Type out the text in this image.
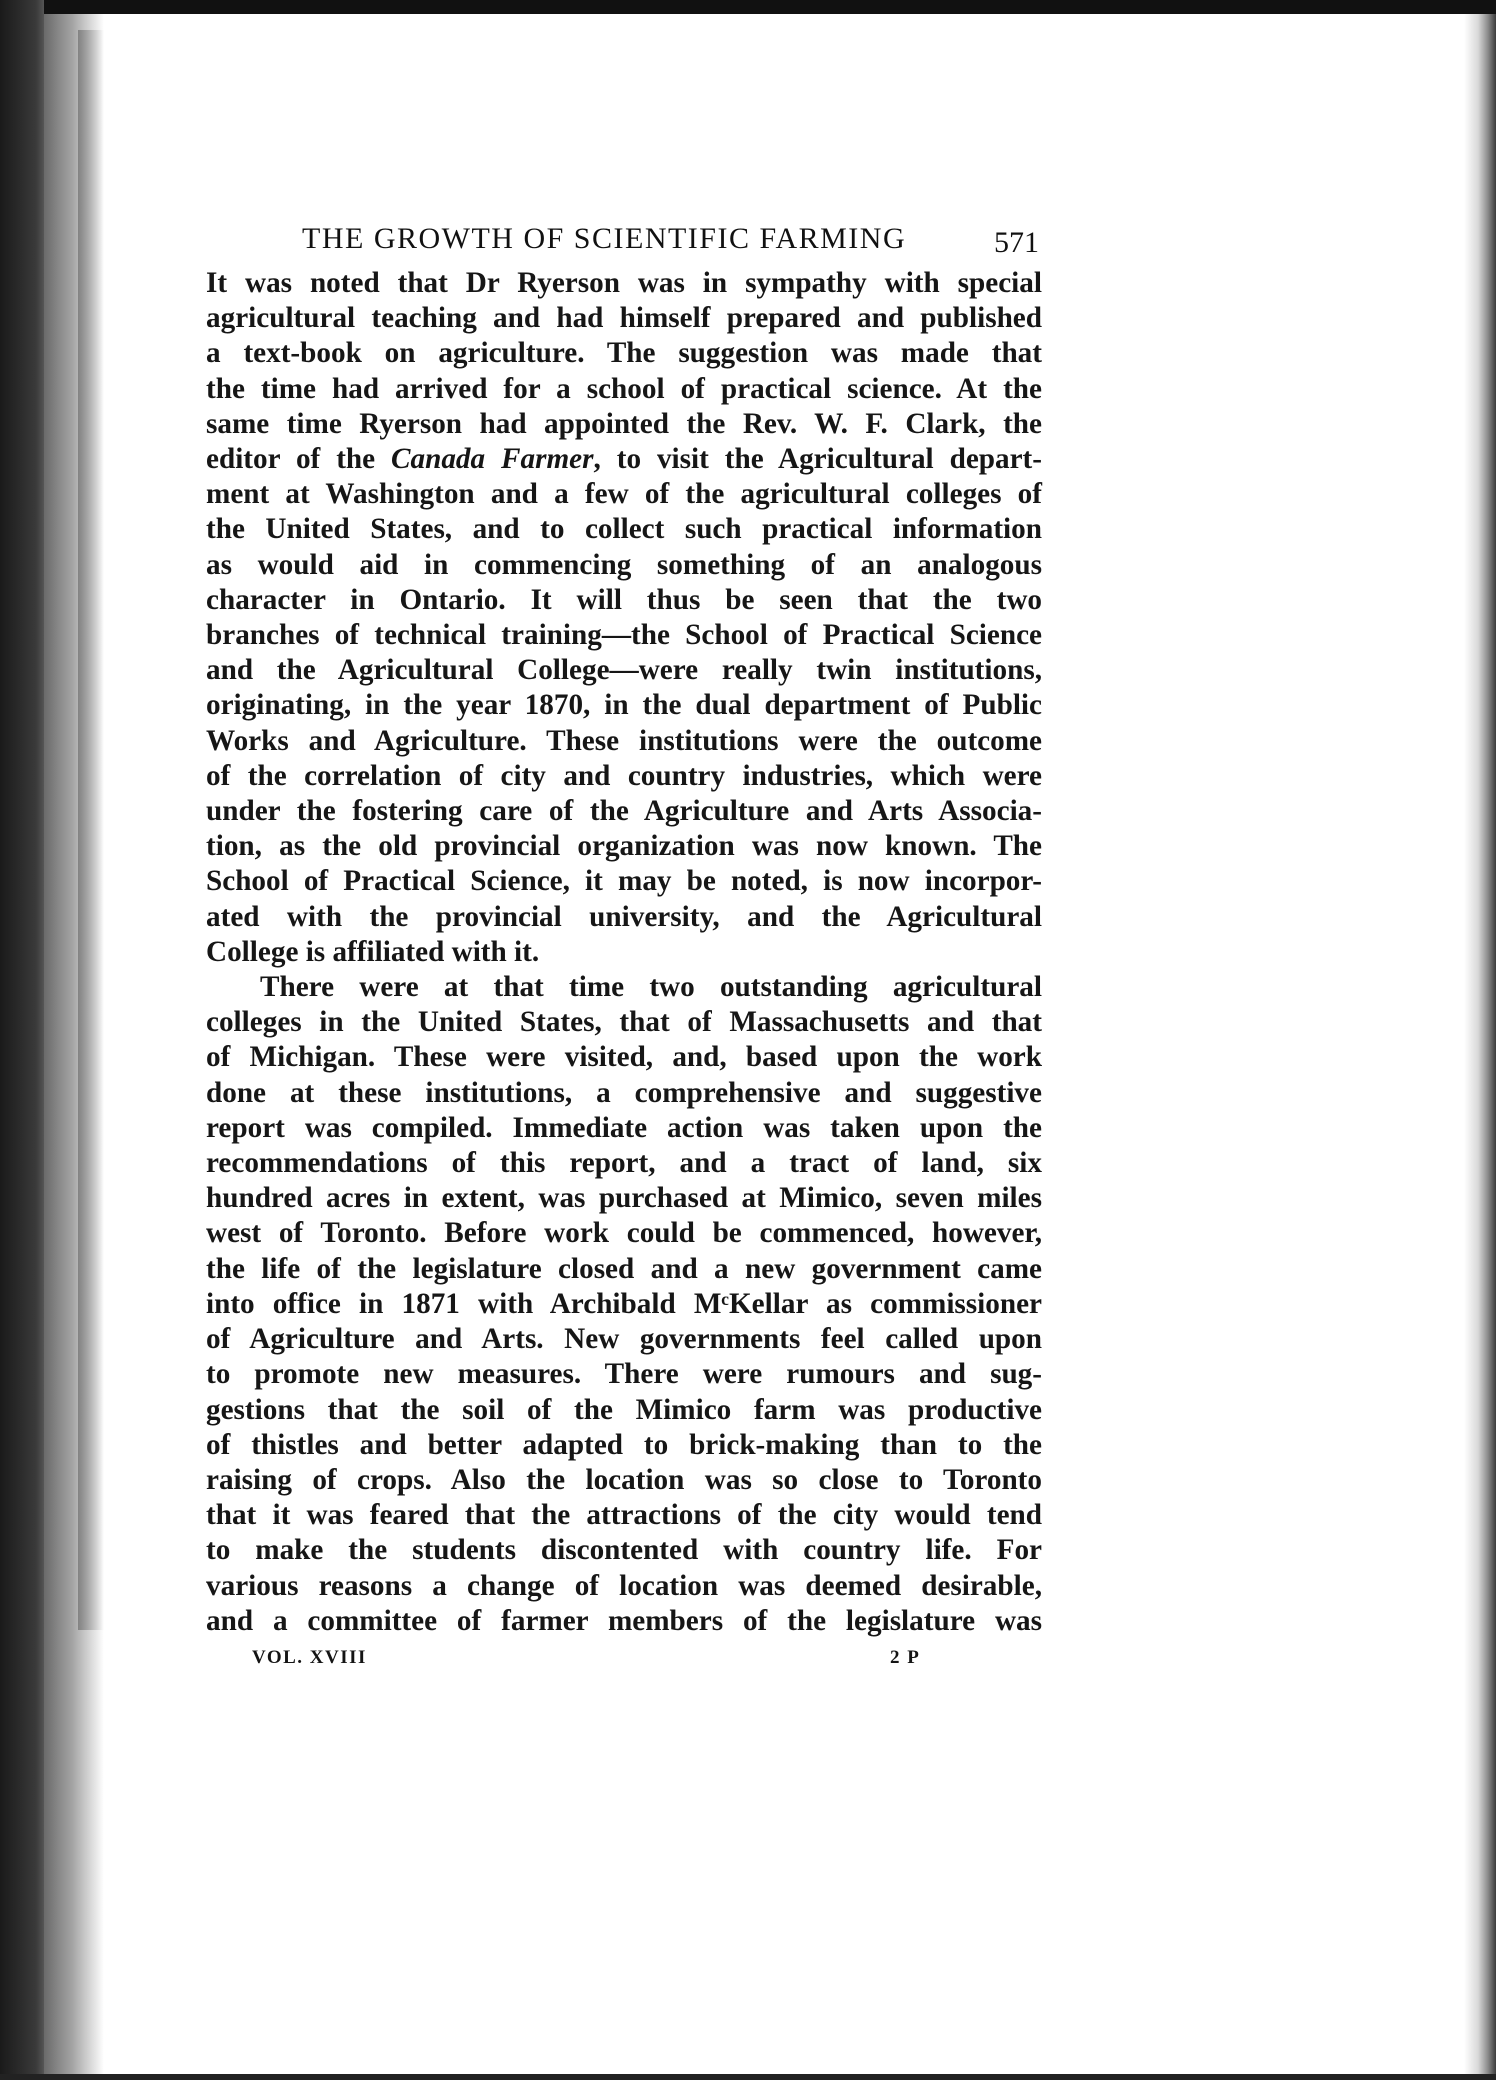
THE GROWTH OF SCIENTIFIC FARMING	571

It was noted that Dr Ryerson was in sympathy with special
agricultural teaching and had himself prepared and published
a text-book on agriculture. The suggestion was made that
the time had arrived for a school of practical science. At the
same time Ryerson had appointed the Rev. W. F. Clark, the
editor of the Canada Farmer, to visit the Agricultural depart-
ment at Washington and a few of the agricultural colleges of
the United States, and to collect such practical information
as would aid in commencing something of an analogous
character in Ontario. It will thus be seen that the two
branches of technical training—the School of Practical Science
and the Agricultural College—were really twin institutions,
originating, in the year 1870, in the dual department of Public
Works and Agriculture. These institutions were the outcome
of the correlation of city and country industries, which were
under the fostering care of the Agriculture and Arts Associa-
tion, as the old provincial organization was now known. The
School of Practical Science, it may be noted, is now incorpor-
ated with the provincial university, and the Agricultural
College is affiliated with it.

There were at that time two outstanding agricultural
colleges in the United States, that of Massachusetts and that
of Michigan. These were visited, and, based upon the work
done at these institutions, a comprehensive and suggestive
report was compiled. Immediate action was taken upon the
recommendations of this report, and a tract of land, six
hundred acres in extent, was purchased at Mimico, seven miles
west of Toronto. Before work could be commenced, however,
the life of the legislature closed and a new government came
into office in 1871 with Archibald MᶜKellar as commissioner
of Agriculture and Arts. New governments feel called upon
to promote new measures. There were rumours and sug-
gestions that the soil of the Mimico farm was productive
of thistles and better adapted to brick-making than to the
raising of crops. Also the location was so close to Toronto
that it was feared that the attractions of the city would tend
to make the students discontented with country life. For
various reasons a change of location was deemed desirable,
and a committee of farmer members of the legislature was

VOL. XVIII	2 P
